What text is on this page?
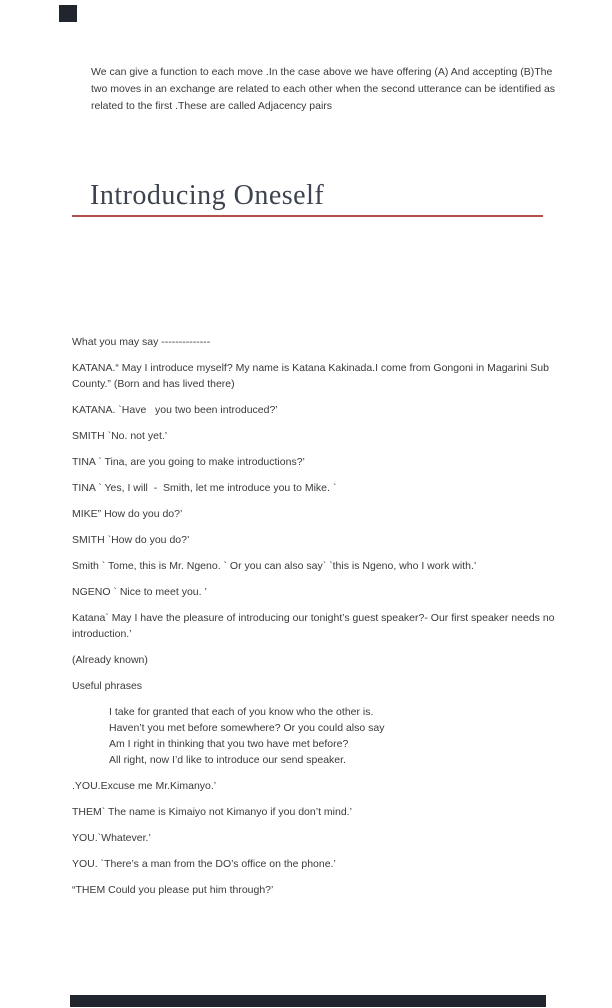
We can give a function to each move .In the case above we have offering (A) And accepting (B)The
two moves in an exchange are related to each other when the second utterance can be identified as
related to the first .These are called Adjacency pairs
Introducing Oneself
What you may say --------------
KATANA.“ May I introduce myself? My name is Katana Kakinada.I come from Gongoni in Magarini Sub
County.” (Born and has lived there)
KATANA. `Have   you two been introduced?’
SMITH `No. not yet.’
TINA ` Tina, are you going to make introductions?’
TINA ` Yes, I will  -  Smith, let me introduce you to Mike. `
MIKE” How do you do?’
SMITH `How do you do?’
Smith ` Tome, this is Mr. Ngeno. ` Or you can also say` `this is Ngeno, who I work with.’
NGENO ` Nice to meet you. ’
Katana` May I have the pleasure of introducing our tonight’s guest speaker?- Our first speaker needs no
introduction.’
(Already known)
Useful phrases
I take for granted that each of you know who the other is.
Haven’t you met before somewhere? Or you could also say
Am I right in thinking that you two have met before?
All right, now I’d like to introduce our send speaker.
.YOU.Excuse me Mr.Kimanyo.’
THEM` The name is Kimaiyo not Kimanyo if you don’t mind.’
YOU.`Whatever.’
YOU. `There’s a man from the DO’s office on the phone.’
“THEM Could you please put him through?’
